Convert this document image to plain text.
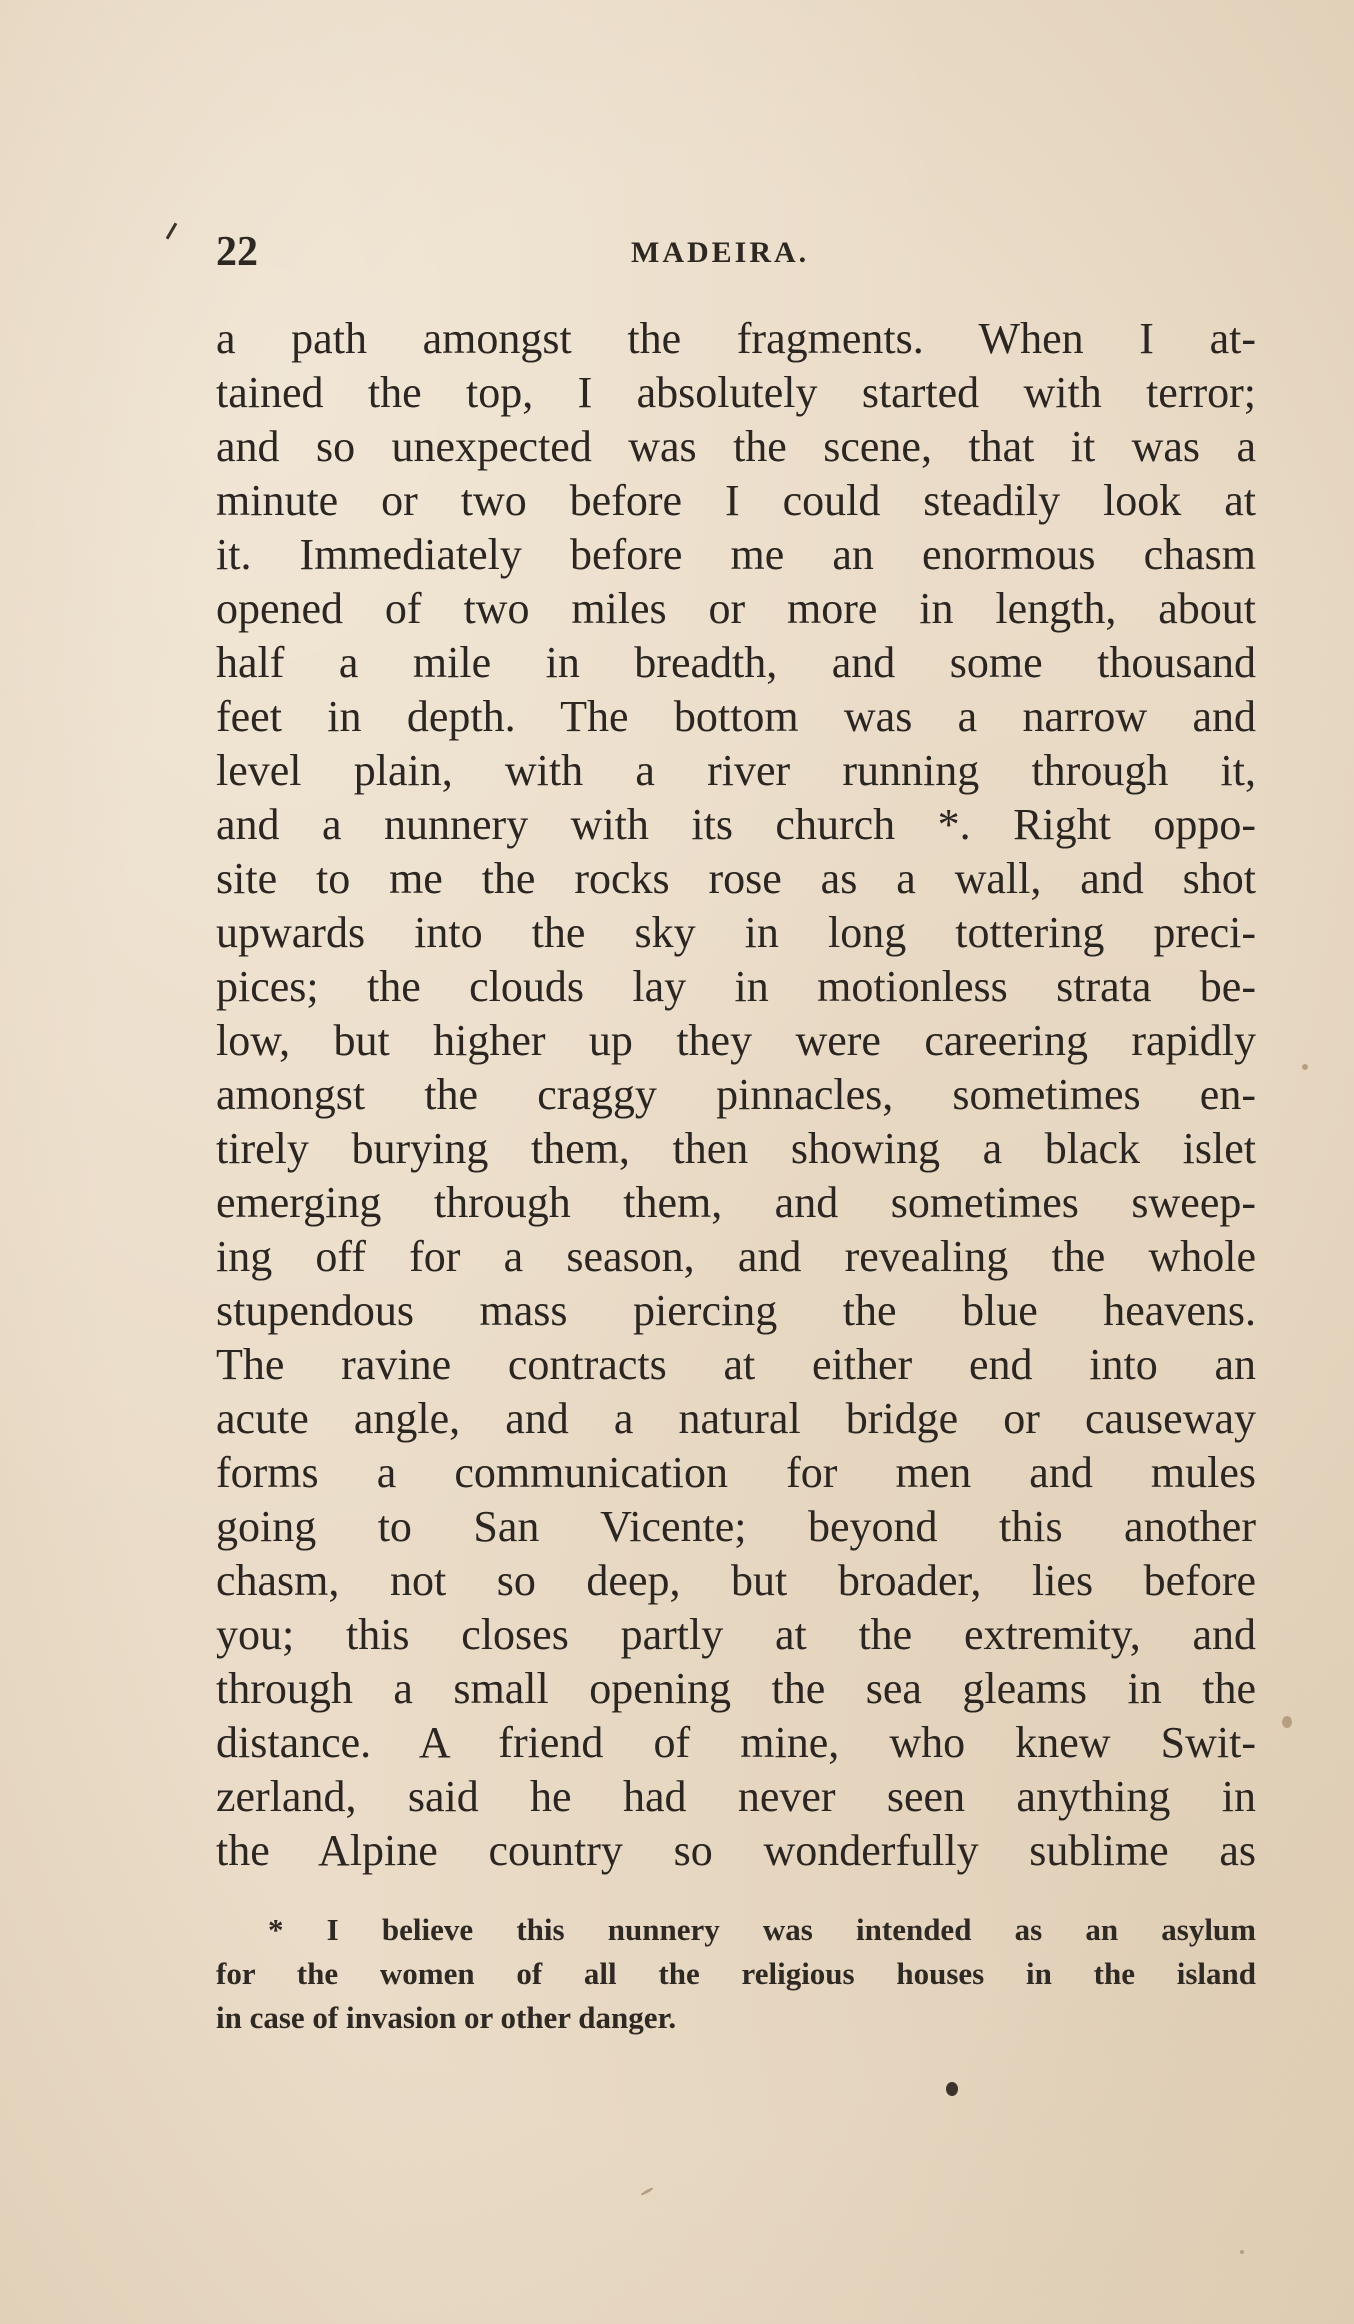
22	MADEIRA.
a path amongst the fragments. When I at-
tained the top, I absolutely started with terror;
and so unexpected was the scene, that it was a
minute or two before I could steadily look at
it. Immediately before me an enormous chasm
opened of two miles or more in length, about
half a mile in breadth, and some thousand
feet in depth. The bottom was a narrow and
level plain, with a river running through it,
and a nunnery with its church *. Right oppo-
site to me the rocks rose as a wall, and shot
upwards into the sky in long tottering preci-
pices; the clouds lay in motionless strata be-
low, but higher up they were careering rapidly
amongst the craggy pinnacles, sometimes en-
tirely burying them, then showing a black islet
emerging through them, and sometimes sweep-
ing off for a season, and revealing the whole
stupendous mass piercing the blue heavens.
The ravine contracts at either end into an
acute angle, and a natural bridge or causeway
forms a communication for men and mules
going to San Vicente; beyond this another
chasm, not so deep, but broader, lies before
you; this closes partly at the extremity, and
through a small opening the sea gleams in the
distance. A friend of mine, who knew Swit-
zerland, said he had never seen anything in
the Alpine country so wonderfully sublime as
* I believe this nunnery was intended as an asylum
for the women of all the religious houses in the island
in case of invasion or other danger.
